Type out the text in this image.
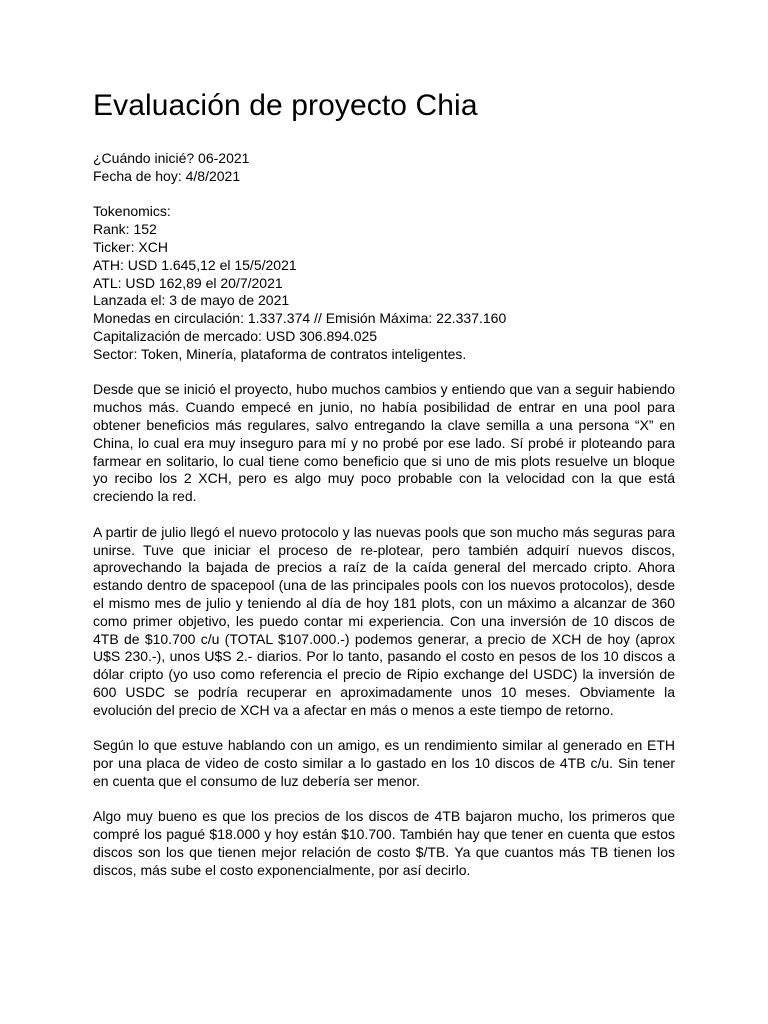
Evaluación de proyecto Chia
¿Cuándo inicié? 06-2021
Fecha de hoy: 4/8/2021
Tokenomics:
Rank: 152
Ticker: XCH
ATH: USD 1.645,12 el 15/5/2021
ATL: USD 162,89 el 20/7/2021
Lanzada el: 3 de mayo de 2021
Monedas en circulación: 1.337.374 // Emisión Máxima: 22.337.160
Capitalización de mercado: USD 306.894.025
Sector: Token, Minería, plataforma de contratos inteligentes.

Desde que se inició el proyecto, hubo muchos cambios y entiendo que van a seguir habiendo muchos más. Cuando empecé en junio, no había posibilidad de entrar en una pool para obtener beneficios más regulares, salvo entregando la clave semilla a una persona “X” en China, lo cual era muy inseguro para mí y no probé por ese lado. Sí probé ir ploteando para farmear en solitario, lo cual tiene como beneficio que si uno de mis plots resuelve un bloque yo recibo los 2 XCH, pero es algo muy poco probable con la velocidad con la que está creciendo la red.

A partir de julio llegó el nuevo protocolo y las nuevas pools que son mucho más seguras para unirse. Tuve que iniciar el proceso de re-plotear, pero también adquirí nuevos discos, aprovechando la bajada de precios a raíz de la caída general del mercado cripto. Ahora estando dentro de spacepool (una de las principales pools con los nuevos protocolos), desde el mismo mes de julio y teniendo al día de hoy 181 plots, con un máximo a alcanzar de 360 como primer objetivo, les puedo contar mi experiencia. Con una inversión de 10 discos de 4TB de $10.700 c/u (TOTAL $107.000.-) podemos generar, a precio de XCH de hoy (aprox U$S 230.-), unos U$S 2.- diarios. Por lo tanto, pasando el costo en pesos de los 10 discos a dólar cripto (yo uso como referencia el precio de Ripio exchange del USDC) la inversión de 600 USDC se podría recuperar en aproximadamente unos 10 meses. Obviamente la evolución del precio de XCH va a afectar en más o menos a este tiempo de retorno.

Según lo que estuve hablando con un amigo, es un rendimiento similar al generado en ETH por una placa de video de costo similar a lo gastado en los 10 discos de 4TB c/u. Sin tener en cuenta que el consumo de luz debería ser menor.

Algo muy bueno es que los precios de los discos de 4TB bajaron mucho, los primeros que compré los pagué $18.000 y hoy están $10.700. También hay que tener en cuenta que estos discos son los que tienen mejor relación de costo $/TB. Ya que cuantos más TB tienen los discos, más sube el costo exponencialmente, por así decirlo.
